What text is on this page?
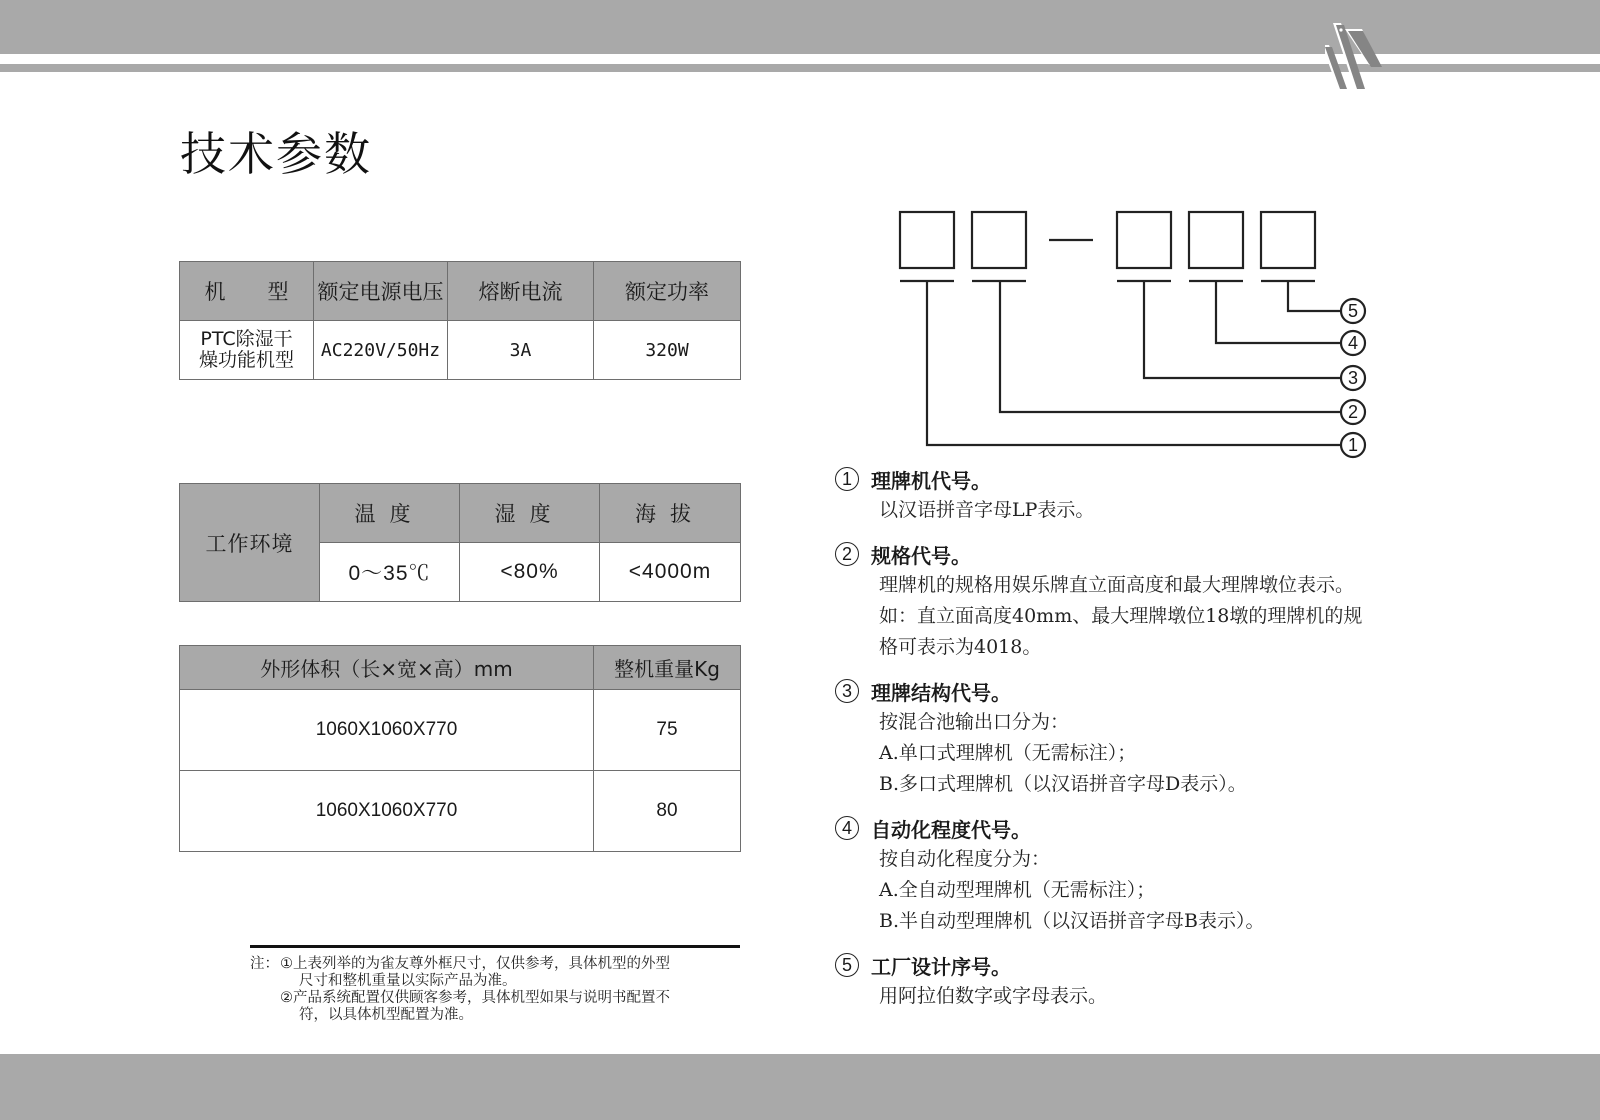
技术参数
机　　型	额定电源电压	熔断电流	额定功率

PTC除湿干
燥功能机型	AC220V/50Hz	3A	320W
工作环境	温度	湿度	海拔
	0～35℃	<80%	<4000m
外形体积（长×宽×高）mm	整机重量Kg
1060X1060X770	75
1060X1060X770	80
注： ①上表列举的为雀友尊外框尺寸，仅供参考，具体机型的外型
尺寸和整机重量以实际产品为准。
②产品系统配置仅供顾客参考，具体机型如果与说明书配置不
符，以具体机型配置为准。
5
4
3
2
1
1 理牌机代号。
以汉语拼音字母LP表示。
2 规格代号。
理牌机的规格用娱乐牌直立面高度和最大理牌墩位表示。
如：直立面高度40mm、最大理牌墩位18墩的理牌机的规
格可表示为4018。
3 理牌结构代号。
按混合池输出口分为：
A.单口式理牌机（无需标注）；
B.多口式理牌机（以汉语拼音字母D表示）。
4 自动化程度代号。
按自动化程度分为：
A.全自动型理牌机（无需标注）；
B.半自动型理牌机（以汉语拼音字母B表示）。
5 工厂设计序号。
用阿拉伯数字或字母表示。
